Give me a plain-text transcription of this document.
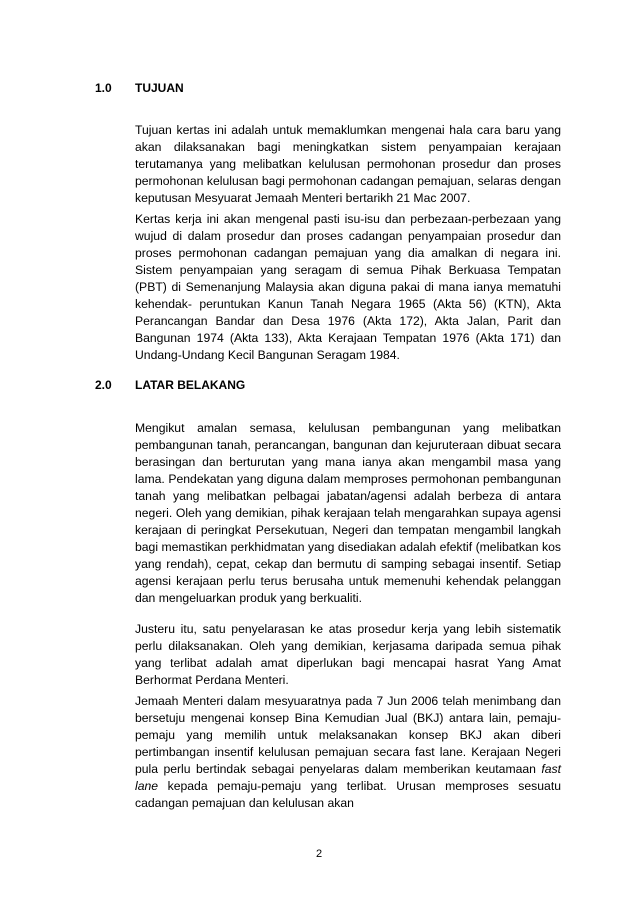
1.0	TUJUAN

Tujuan kertas ini adalah untuk memaklumkan mengenai hala cara baru yang akan dilaksanakan bagi meningkatkan sistem penyampaian kerajaan terutamanya yang melibatkan kelulusan permohonan prosedur dan proses permohonan kelulusan bagi permohonan cadangan pemajuan, selaras dengan keputusan Mesyuarat Jemaah Menteri bertarikh 21 Mac 2007.

Kertas kerja ini akan mengenal pasti isu-isu dan perbezaan-perbezaan yang wujud di dalam prosedur dan proses cadangan penyampaian prosedur dan proses permohonan cadangan pemajuan yang dia amalkan di negara ini. Sistem penyampaian yang seragam di semua Pihak Berkuasa Tempatan (PBT) di Semenanjung Malaysia akan diguna pakai di mana ianya mematuhi kehendak- peruntukan Kanun Tanah Negara 1965 (Akta 56) (KTN), Akta Perancangan Bandar dan Desa 1976 (Akta 172), Akta Jalan, Parit dan Bangunan 1974 (Akta 133), Akta Kerajaan Tempatan 1976 (Akta 171) dan Undang-Undang Kecil Bangunan Seragam 1984.

2.0	LATAR BELAKANG

Mengikut amalan semasa, kelulusan pembangunan yang melibatkan pembangunan tanah, perancangan, bangunan dan kejuruteraan dibuat secara berasingan dan berturutan yang mana ianya akan mengambil masa yang lama. Pendekatan yang diguna dalam memproses permohonan pembangunan tanah yang melibatkan pelbagai jabatan/agensi adalah berbeza di antara negeri. Oleh yang demikian, pihak kerajaan telah mengarahkan supaya agensi kerajaan di peringkat Persekutuan, Negeri dan tempatan mengambil langkah bagi memastikan perkhidmatan yang disediakan adalah efektif (melibatkan kos yang rendah), cepat, cekap dan bermutu di samping sebagai insentif. Setiap agensi kerajaan perlu terus berusaha untuk memenuhi kehendak pelanggan dan mengeluarkan produk yang berkualiti.

Justeru itu, satu penyelarasan ke atas prosedur kerja yang lebih sistematik perlu dilaksanakan. Oleh yang demikian, kerjasama daripada semua pihak yang terlibat adalah amat diperlukan bagi mencapai hasrat Yang Amat Berhormat Perdana Menteri.

Jemaah Menteri dalam mesyuaratnya pada 7 Jun 2006 telah menimbang dan bersetuju mengenai konsep Bina Kemudian Jual (BKJ) antara lain, pemaju-pemaju yang memilih untuk melaksanakan konsep BKJ akan diberi pertimbangan insentif kelulusan pemajuan secara fast lane. Kerajaan Negeri pula perlu bertindak sebagai penyelaras dalam memberikan keutamaan fast lane kepada pemaju-pemaju yang terlibat. Urusan memproses sesuatu cadangan pemajuan dan kelulusan akan

2
